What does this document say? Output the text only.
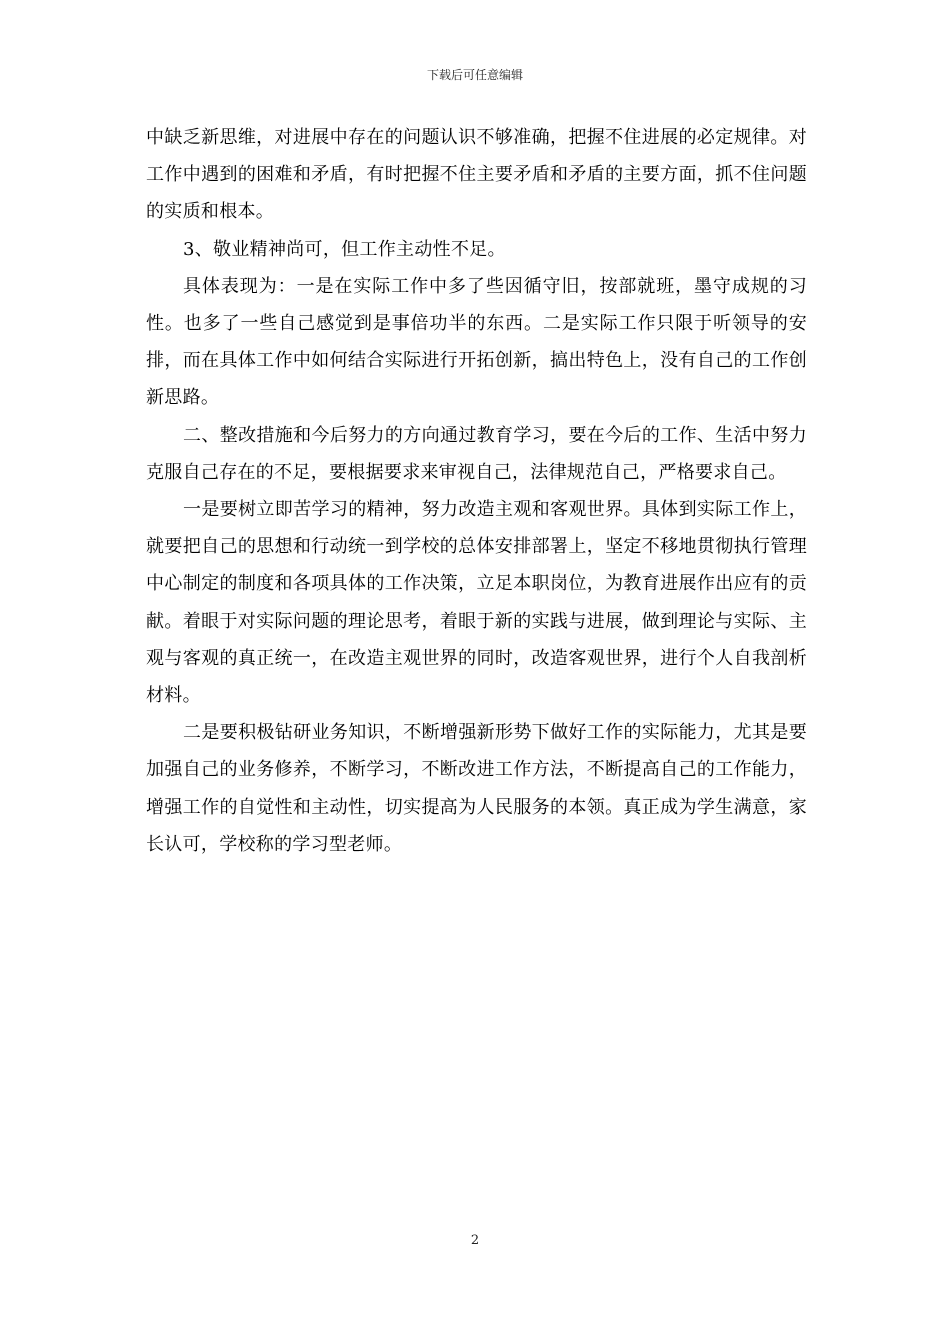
下载后可任意编辑

中缺乏新思维，对进展中存在的问题认识不够准确，把握不住进展的必定规律。对工作中遇到的困难和矛盾，有时把握不住主要矛盾和矛盾的主要方面，抓不住问题的实质和根本。

3、敬业精神尚可，但工作主动性不足。

具体表现为：一是在实际工作中多了些因循守旧，按部就班，墨守成规的习性。也多了一些自己感觉到是事倍功半的东西。二是实际工作只限于听领导的安排，而在具体工作中如何结合实际进行开拓创新，搞出特色上，没有自己的工作创新思路。

二、整改措施和今后努力的方向通过教育学习，要在今后的工作、生活中努力克服自己存在的不足，要根据要求来审视自己，法律规范自己，严格要求自己。

一是要树立即苦学习的精神，努力改造主观和客观世界。具体到实际工作上，就要把自己的思想和行动统一到学校的总体安排部署上，坚定不移地贯彻执行管理中心制定的制度和各项具体的工作决策，立足本职岗位，为教育进展作出应有的贡献。着眼于对实际问题的理论思考，着眼于新的实践与进展，做到理论与实际、主观与客观的真正统一，在改造主观世界的同时，改造客观世界，进行个人自我剖析材料。

二是要积极钻研业务知识，不断增强新形势下做好工作的实际能力，尤其是要加强自己的业务修养，不断学习，不断改进工作方法，不断提高自己的工作能力，增强工作的自觉性和主动性，切实提高为人民服务的本领。真正成为学生满意，家长认可，学校称的学习型老师。

2
